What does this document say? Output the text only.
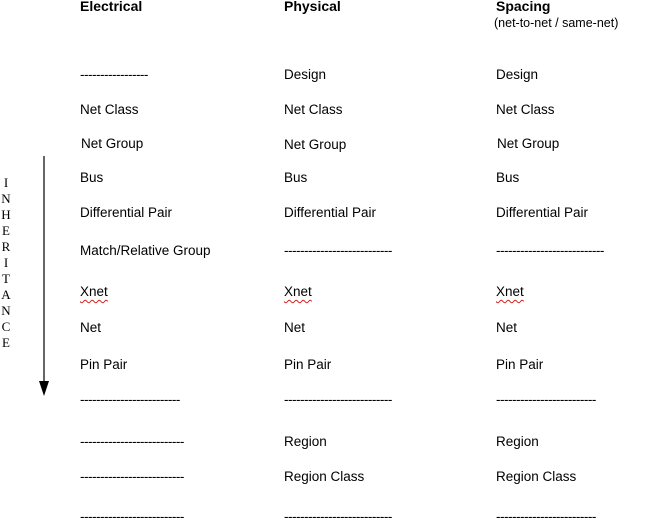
Electrical	Physical	Spacing
(net-to-net / same-net)
I
N
H
E
R
I
T
A
N
C
E
-----------------	Design	Design
Net Class	Net Class	Net Class
Net Group	Net Group	Net Group
Bus	Bus	Bus
Differential Pair	Differential Pair	Differential Pair
Match/Relative Group	---------------------------	---------------------------
Xnet	Xnet	Xnet
Net	Net	Net
Pin Pair	Pin Pair	Pin Pair
-------------------------	---------------------------	-------------------------
--------------------------	Region	Region
--------------------------	Region Class	Region Class
--------------------------	---------------------------	-------------------------
